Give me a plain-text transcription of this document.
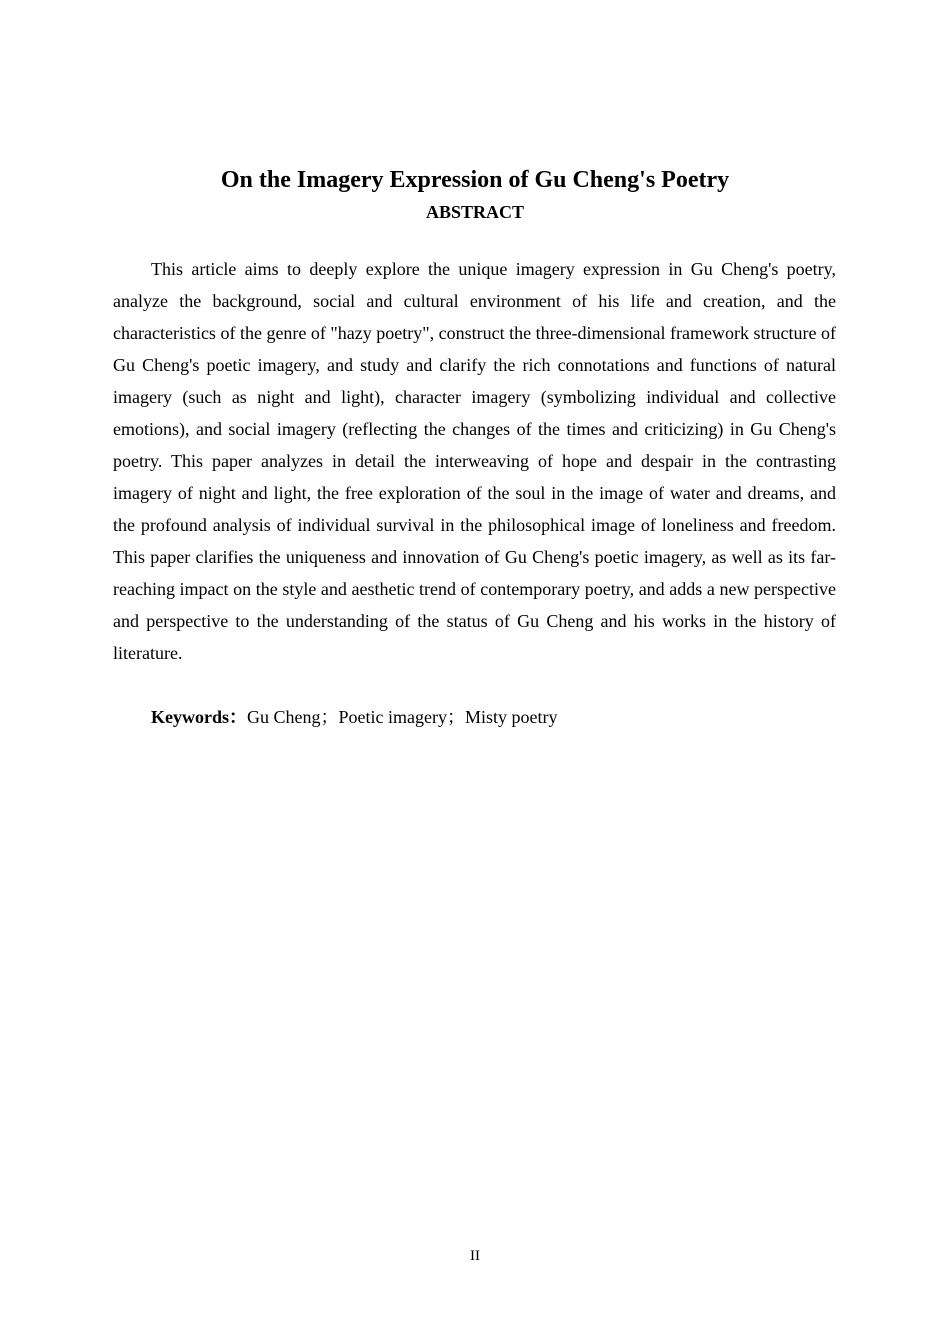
On the Imagery Expression of Gu Cheng's Poetry
ABSTRACT

This article aims to deeply explore the unique imagery expression in Gu Cheng's poetry, analyze the background, social and cultural environment of his life and creation, and the characteristics of the genre of "hazy poetry", construct the three-dimensional framework structure of Gu Cheng's poetic imagery, and study and clarify the rich connotations and functions of natural imagery (such as night and light), character imagery (symbolizing individual and collective emotions), and social imagery (reflecting the changes of the times and criticizing) in Gu Cheng's poetry. This paper analyzes in detail the interweaving of hope and despair in the contrasting imagery of night and light, the free exploration of the soul in the image of water and dreams, and the profound analysis of individual survival in the philosophical image of loneliness and freedom. This paper clarifies the uniqueness and innovation of Gu Cheng's poetic imagery, as well as its far-reaching impact on the style and aesthetic trend of contemporary poetry, and adds a new perspective and perspective to the understanding of the status of Gu Cheng and his works in the history of literature.

Keywords：Gu Cheng；Poetic imagery；Misty poetry
II
